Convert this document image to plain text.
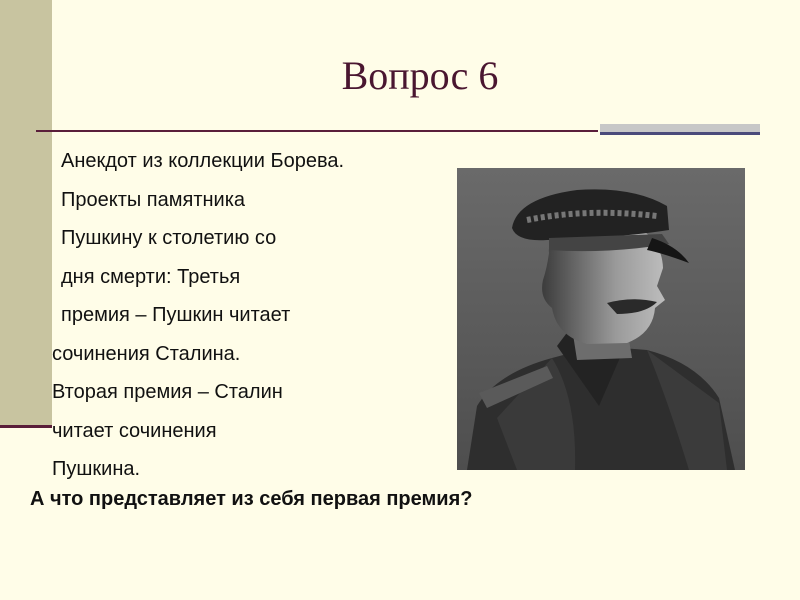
Вопрос 6
Анекдот из коллекции Борева.
Проекты памятника
Пушкину к столетию со
дня смерти: Третья
премия – Пушкин читает
сочинения Сталина.
Вторая премия – Сталин
читает сочинения
Пушкина.
А что представляет из себя первая премия?
